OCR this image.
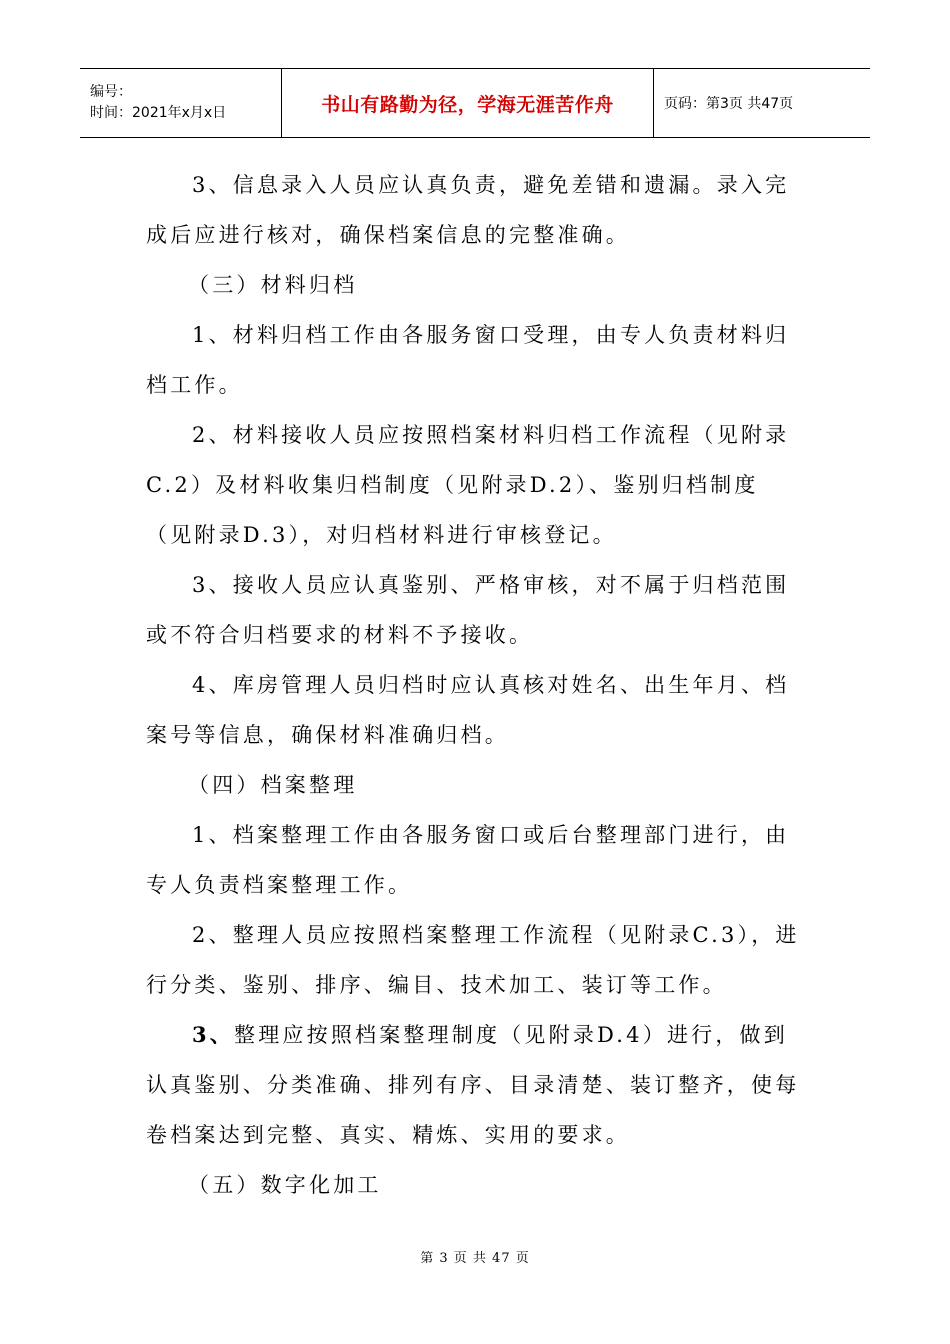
编号：
时间：2021年x月x日	书山有路勤为径，学海无涯苦作舟	页码：第3页 共47页

3、信息录入人员应认真负责，避免差错和遗漏。录入完成后应进行核对，确保档案信息的完整准确。

（三）材料归档

1、材料归档工作由各服务窗口受理，由专人负责材料归档工作。

2、材料接收人员应按照档案材料归档工作流程（见附录C.2）及材料收集归档制度（见附录D.2）、鉴别归档制度（见附录D.3），对归档材料进行审核登记。

3、接收人员应认真鉴别、严格审核，对不属于归档范围或不符合归档要求的材料不予接收。

4、库房管理人员归档时应认真核对姓名、出生年月、档案号等信息，确保材料准确归档。

（四）档案整理

1、档案整理工作由各服务窗口或后台整理部门进行，由专人负责档案整理工作。

2、整理人员应按照档案整理工作流程（见附录C.3），进行分类、鉴别、排序、编目、技术加工、装订等工作。

3、整理应按照档案整理制度（见附录D.4）进行，做到认真鉴别、分类准确、排列有序、目录清楚、装订整齐，使每卷档案达到完整、真实、精炼、实用的要求。

（五）数字化加工

第 3 页 共 47 页
